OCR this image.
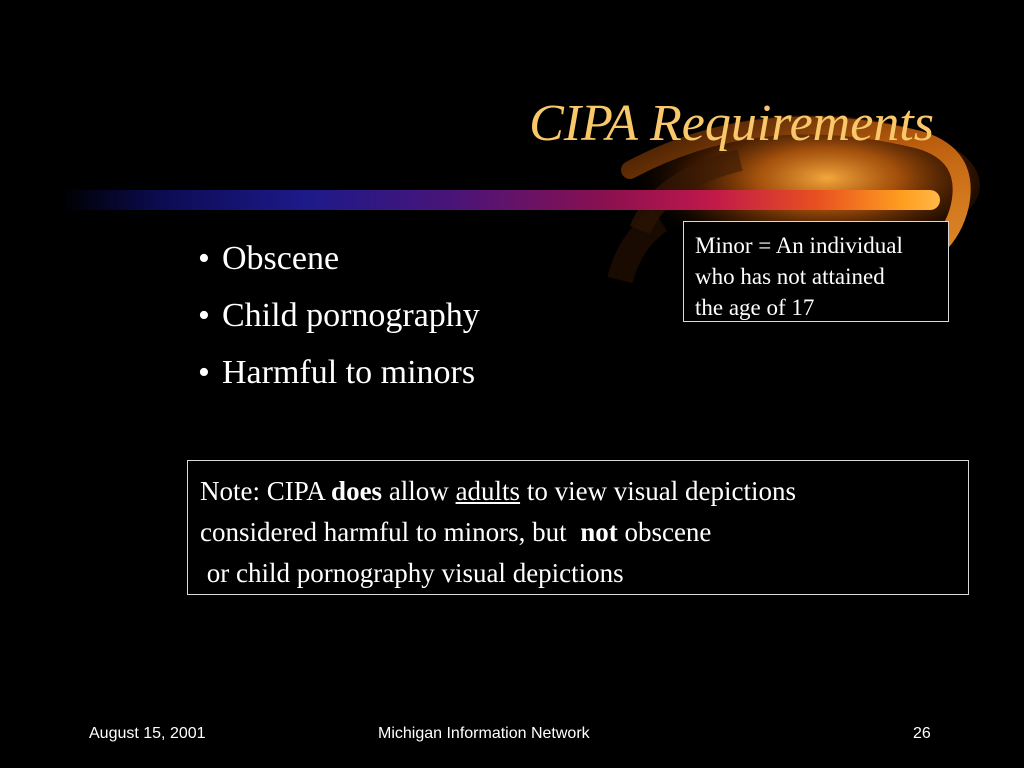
CIPA Requirements
• Obscene
• Child pornography
• Harmful to minors
Minor = An individual
who has not attained
the age of 17
Note: CIPA does allow adults to view visual depictions
considered harmful to minors, but  not obscene
or child pornography visual depictions
August 15, 2001	Michigan Information Network	26
